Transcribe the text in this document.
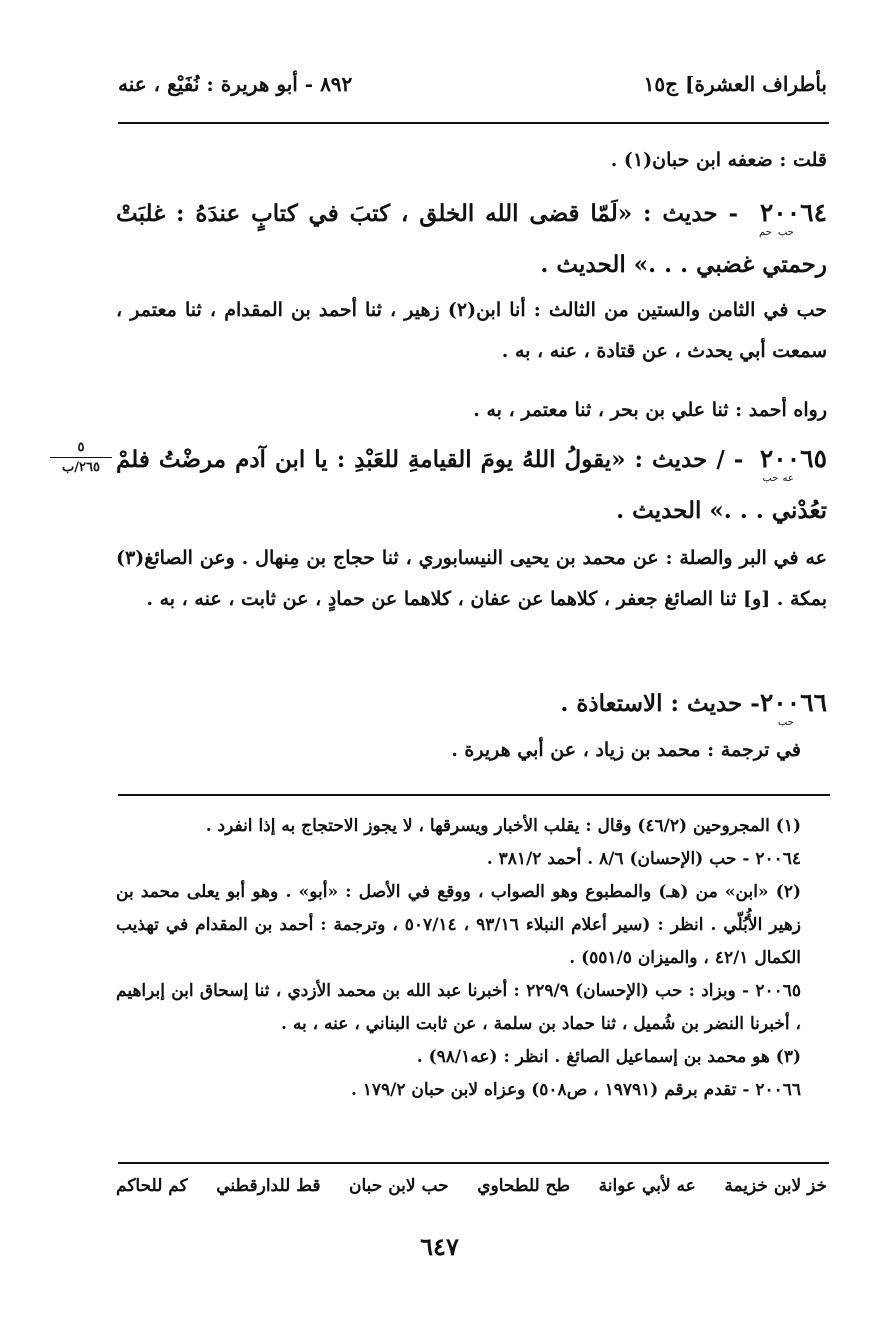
بأطراف العشرة] ج١٥
٨٩٢ - أبو هريرة : نُفَيْع ، عنه
قلت : ضعفه ابن حبان(١) .
$٢٠٠٦٤_{حب حم}$ - حديث : «لَمّا قضى الله الخلق ، كتبَ في كتابٍ عندَهُ : غلبَتْ رحمتي غضبي . . .» الحديث .
حب في الثامن والستين من الثالث : أنا ابن(٢) زهير ، ثنا أحمد بن المقدام ، ثنا معتمر ، سمعت أبي يحدث ، عن قتادة ، عنه ، به .
رواه أحمد : ثنا علي بن بحر ، ثنا معتمر ، به .
$٢٠٠٦٥_{عه حب}$ - / حديث : «يقولُ اللهُ يومَ القيامةِ للعَبْدِ : يا ابن آدم مرضْتُ فلمْ تعُدْني . . .» الحديث .
٥
٢٦٥/ب
عه في البر والصلة : عن محمد بن يحيى النيسابوري ، ثنا حجاج بن مِنهال . وعن الصائغ(٣) بمكة . [و] ثنا الصائغ جعفر ، كلاهما عن عفان ، كلاهما عن حمادٍ ، عن ثابت ، عنه ، به .
$٢٠٠٦٦_{حب}$ - حديث : الاستعاذة .
في ترجمة : محمد بن زياد ، عن أبي هريرة .

(١) المجروحين (٤٦/٢) وقال : يقلب الأخبار ويسرقها ، لا يجوز الاحتجاج به إذا انفرد .

٢٠٠٦٤ - حب (الإحسان) ٨/٦ . أحمد ٣٨١/٢ .

(٢) «ابن» من (هـ) والمطبوع وهو الصواب ، ووقع في الأصل : «أبو» . وهو أبو يعلى محمد بن زهير الأُبُلّي . انظر : (سير أعلام النبلاء ٩٣/١٦ ، ٥٠٧/١٤ ، وترجمة : أحمد بن المقدام في تهذيب الكمال ٤٢/١ ، والميزان ٥٥١/٥) .

٢٠٠٦٥ - وبزاد : حب (الإحسان) ٢٢٩/٩ : أخبرنا عبد الله بن محمد الأزدي ، ثنا إسحاق ابن إبراهيم ، أخبرنا النضر بن شُميل ، ثنا حماد بن سلمة ، عن ثابت البناني ، عنه ، به .

(٣) هو محمد بن إسماعيل الصائغ . انظر : (عه٩٨/١) .

٢٠٠٦٦ - تقدم برقم (١٩٧٩١ ، ص٥٠٨) وعزاه لابن حبان ١٧٩/٢ .

خز لابن خزيمة
عه لأبي عوانة
طح للطحاوي
حب لابن حبان
قط للدارقطني
كم للحاكم
٦٤٧
